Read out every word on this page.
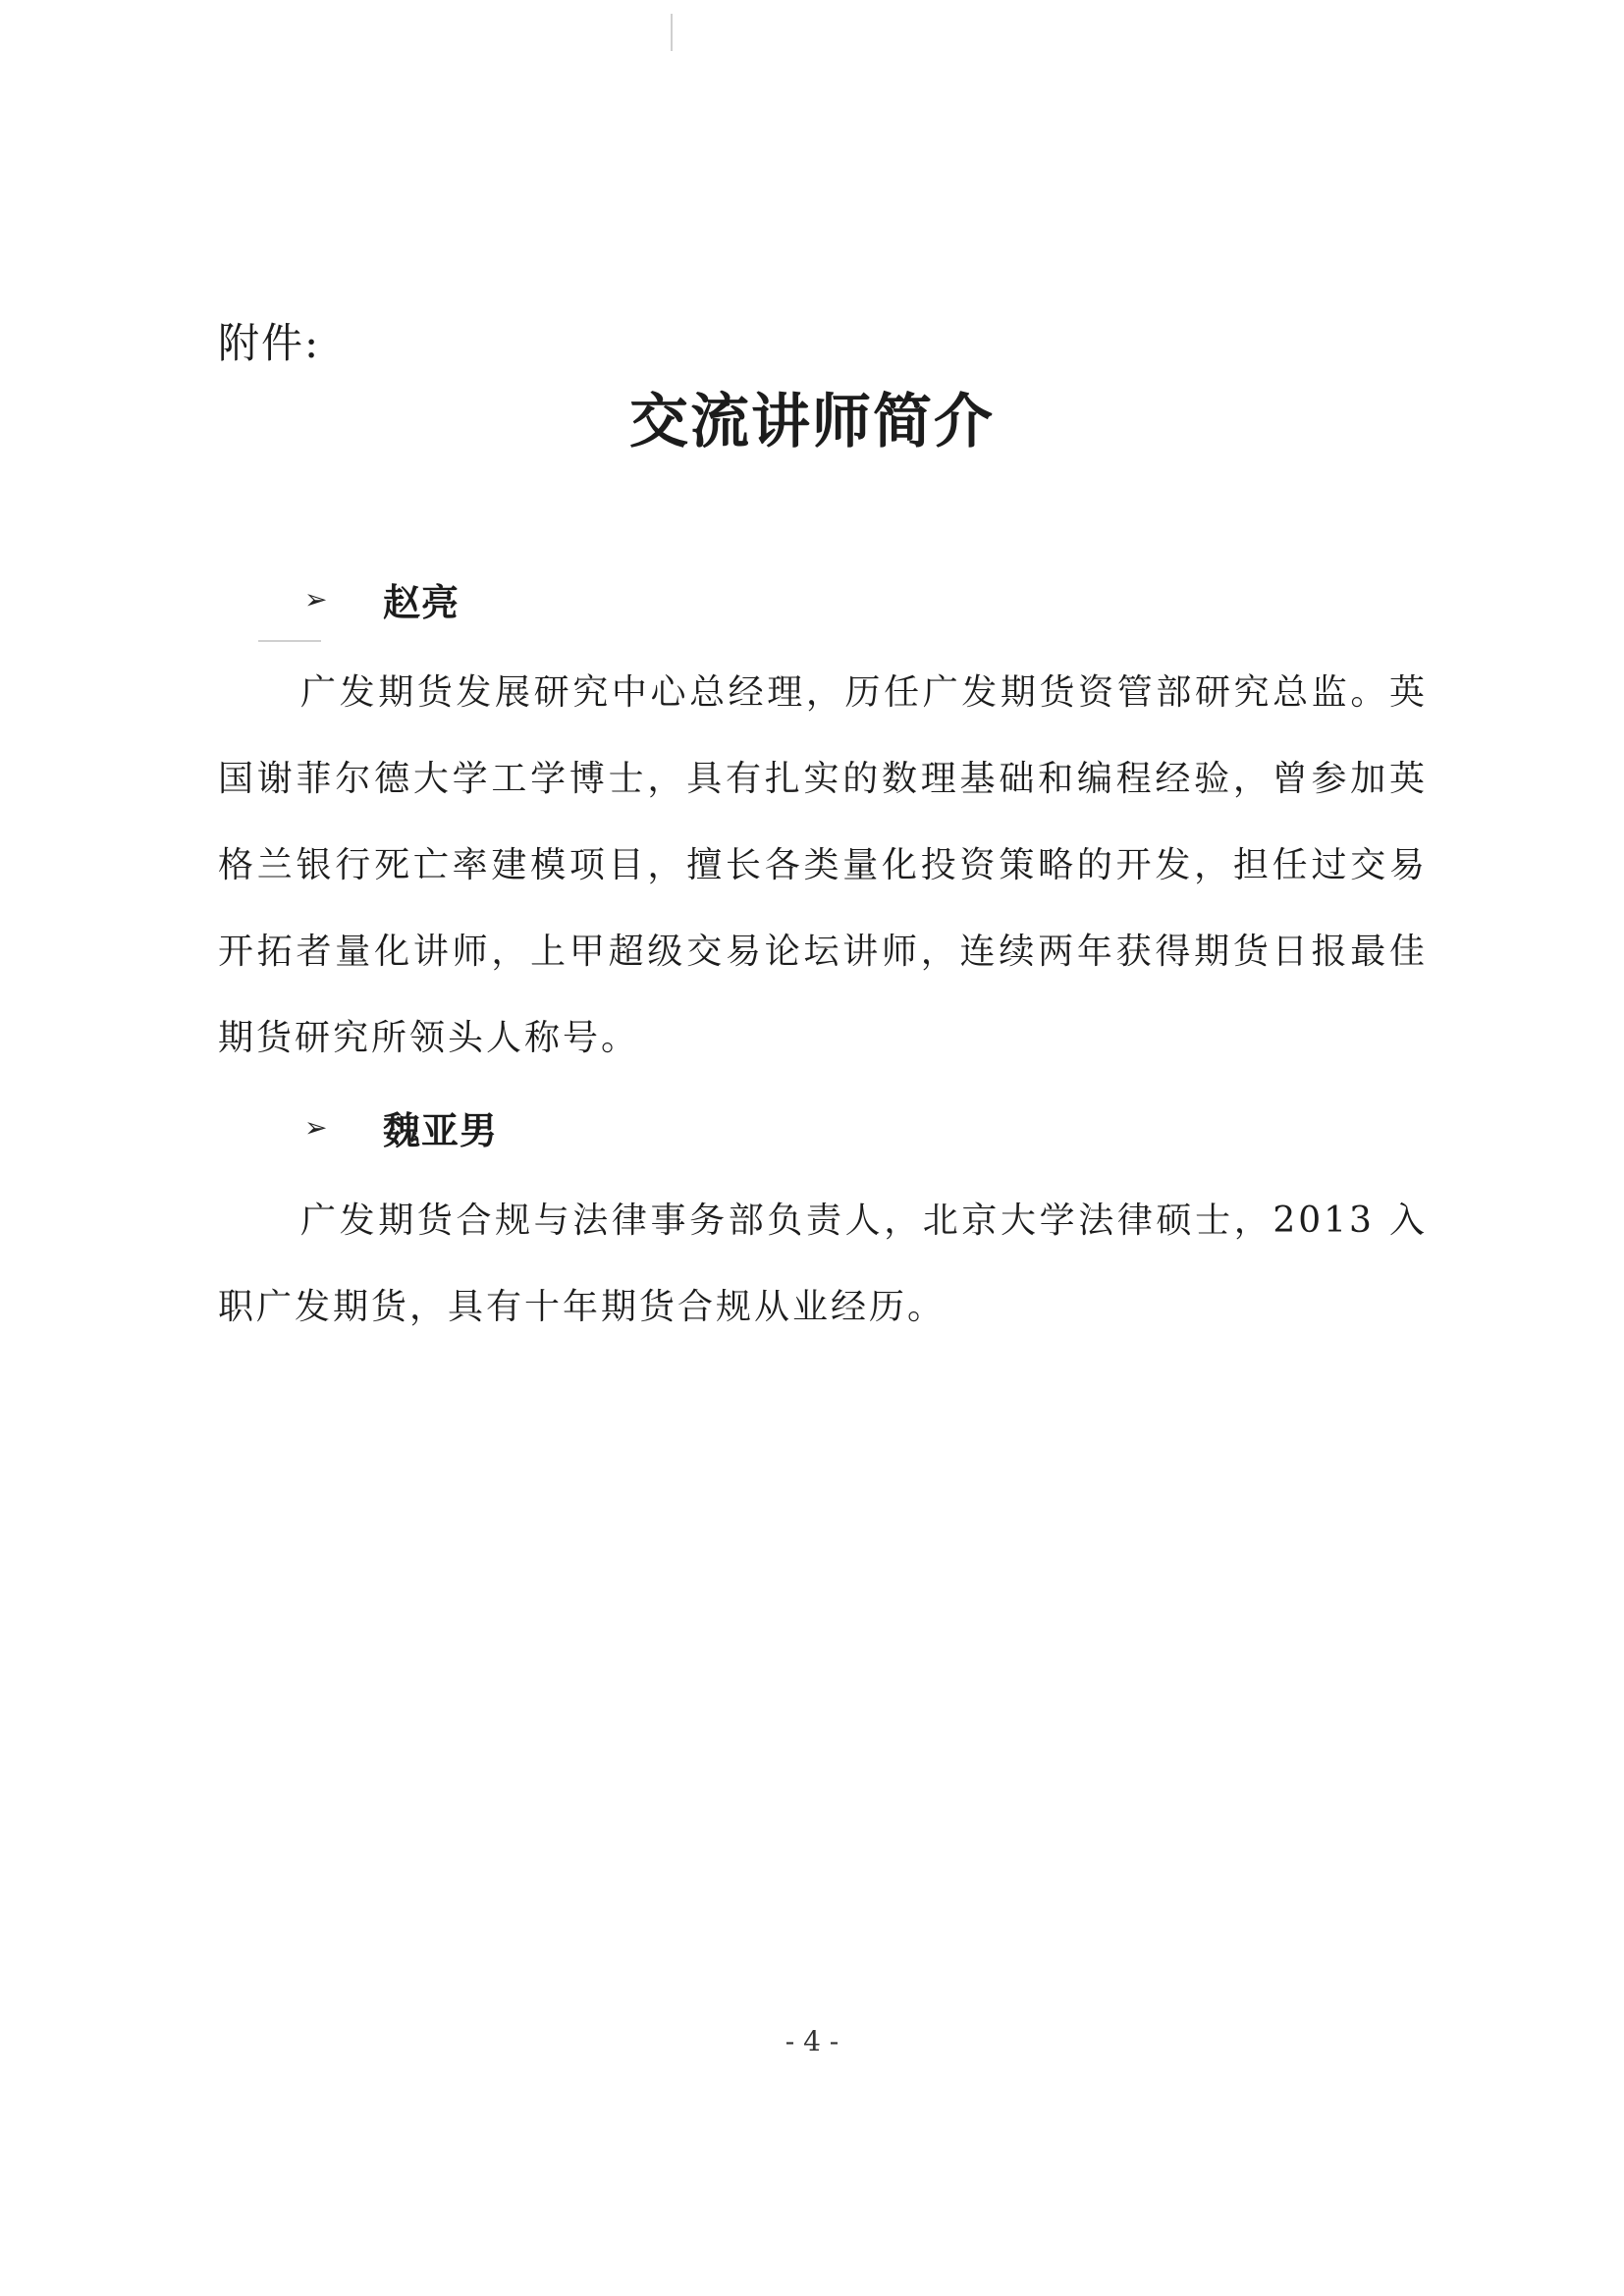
附件:
交流讲师简介
➢	赵亮

广发期货发展研究中心总经理，历任广发期货资管部研究总监。英国谢菲尔德大学工学博士，具有扎实的数理基础和编程经验，曾参加英格兰银行死亡率建模项目，擅长各类量化投资策略的开发，担任过交易开拓者量化讲师，上甲超级交易论坛讲师，连续两年获得期货日报最佳期货研究所领头人称号。

➢	魏亚男

广发期货合规与法律事务部负责人，北京大学法律硕士，2013 入职广发期货，具有十年期货合规从业经历。

- 4 -
